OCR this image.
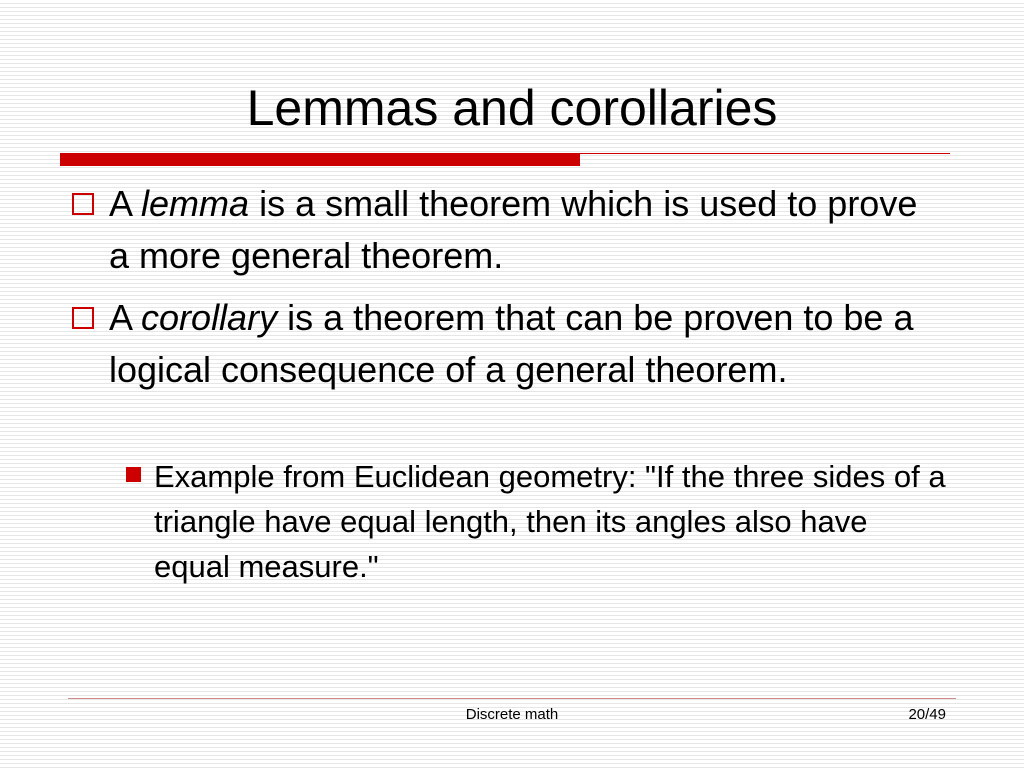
Lemmas and corollaries
A lemma is a small theorem which is used to prove a more general theorem.
A corollary is a theorem that can be proven to be a logical consequence of a general theorem.
Example from Euclidean geometry: "If the three sides of a triangle have equal length, then its angles also have equal measure."
Discrete math	20/49
